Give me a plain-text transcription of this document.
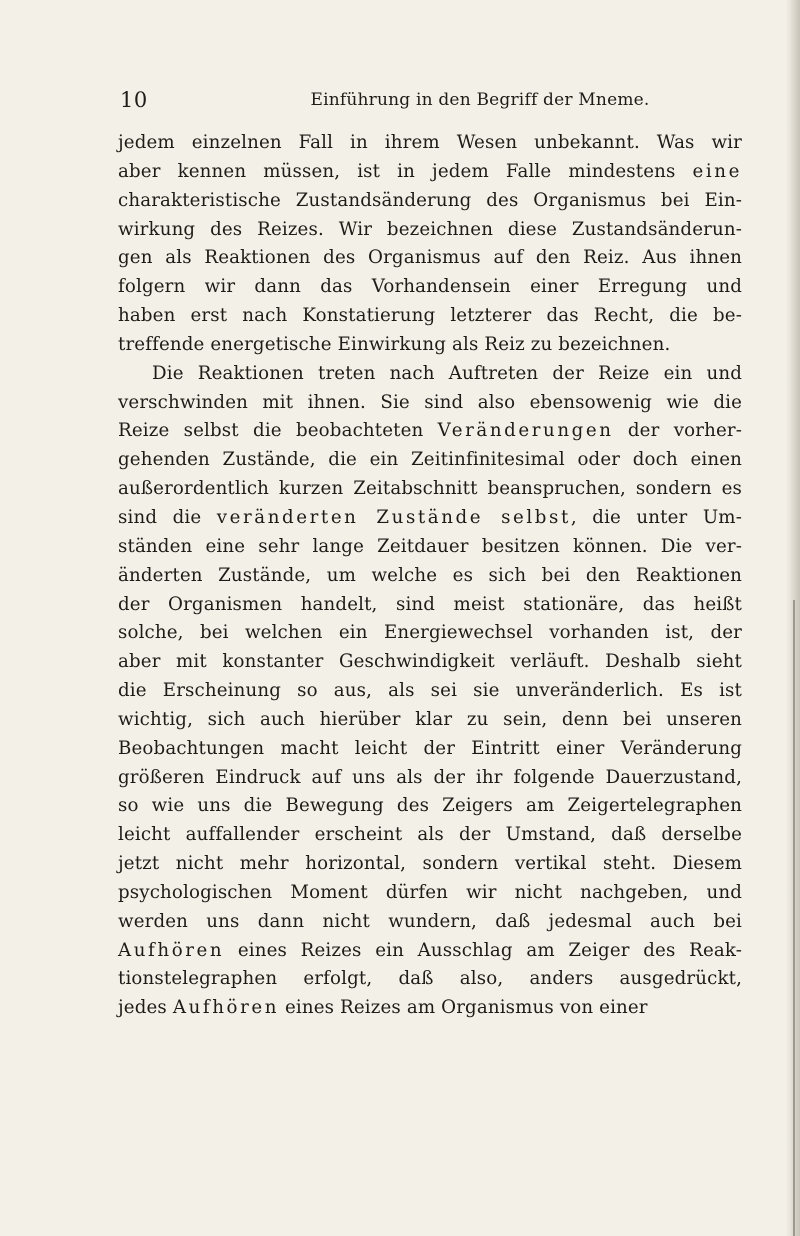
10	Einführung in den Begriff der Mneme.
jedem einzelnen Fall in ihrem Wesen unbekannt. Was wir
aber kennen müssen, ist in jedem Falle mindestens eine
charakteristische Zustandsänderung des Organismus bei Ein-
wirkung des Reizes. Wir bezeichnen diese Zustandsänderun-
gen als Reaktionen des Organismus auf den Reiz. Aus ihnen
folgern wir dann das Vorhandensein einer Erregung und
haben erst nach Konstatierung letzterer das Recht, die be-
treffende energetische Einwirkung als Reiz zu bezeichnen.
Die Reaktionen treten nach Auftreten der Reize ein und
verschwinden mit ihnen. Sie sind also ebensowenig wie die
Reize selbst die beobachteten Veränderungen der vorher-
gehenden Zustände, die ein Zeitinfinitesimal oder doch einen
außerordentlich kurzen Zeitabschnitt beanspruchen, sondern es
sind die veränderten Zustände selbst, die unter Um-
ständen eine sehr lange Zeitdauer besitzen können. Die ver-
änderten Zustände, um welche es sich bei den Reaktionen
der Organismen handelt, sind meist stationäre, das heißt
solche, bei welchen ein Energiewechsel vorhanden ist, der
aber mit konstanter Geschwindigkeit verläuft. Deshalb sieht
die Erscheinung so aus, als sei sie unveränderlich. Es ist
wichtig, sich auch hierüber klar zu sein, denn bei unseren
Beobachtungen macht leicht der Eintritt einer Veränderung
größeren Eindruck auf uns als der ihr folgende Dauerzustand,
so wie uns die Bewegung des Zeigers am Zeigertelegraphen
leicht auffallender erscheint als der Umstand, daß derselbe
jetzt nicht mehr horizontal, sondern vertikal steht. Diesem
psychologischen Moment dürfen wir nicht nachgeben, und
werden uns dann nicht wundern, daß jedesmal auch bei
Aufhören eines Reizes ein Ausschlag am Zeiger des Reak-
tionstelegraphen erfolgt, daß also, anders ausgedrückt,
jedes Aufhören eines Reizes am Organismus von einer
